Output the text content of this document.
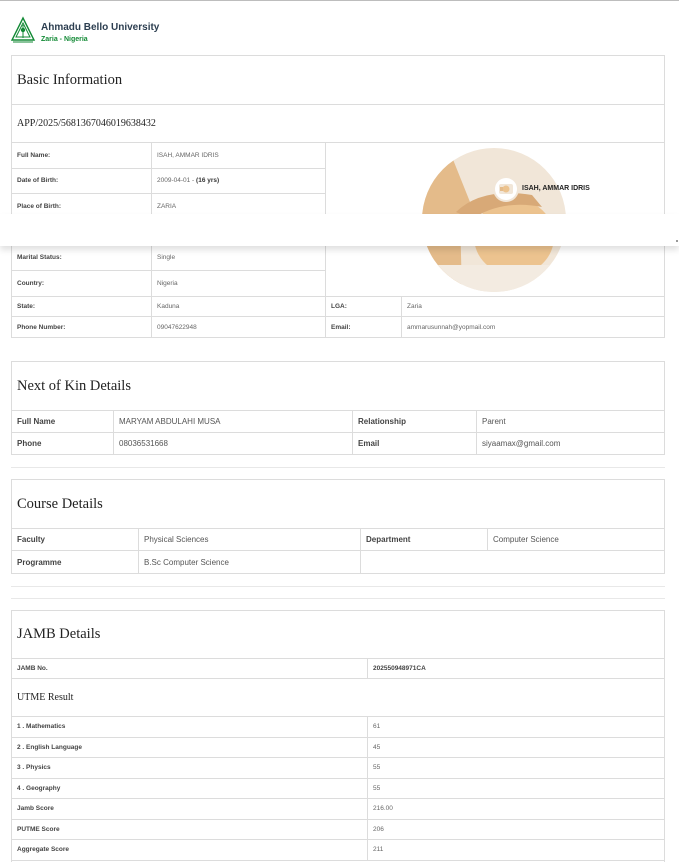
Ahmadu Bello University
Zaria - Nigeria
Basic Information
APP/2025/5681367046019638432
Full Name:	ISAH, AMMAR IDRIS
Date of Birth:	2009-04-01 -
(16 yrs)
Place of Birth:	ZARIA
Marital Status:	Single
Country:	Nigeria
ISAH, AMMAR IDRIS
State:	Kaduna	LGA:	Zaria
Phone Number:	09047622948	Email:	ammarusunnah@yopmail.com
Next of Kin Details
Full Name	MARYAM ABDULAHI MUSA	Relationship	Parent
Phone	08036531668	Email	siyaamax@gmail.com
Course Details
Faculty	Physical Sciences	Department	Computer Science
Programme	B.Sc Computer Science
JAMB Details
JAMB No.	202550948971CA
UTME Result
1 . Mathematics	61
2 . English Language	45
3 . Physics	55
4 . Geography	55
Jamb Score	216.00
PUTME Score	206
Aggregate Score	211
